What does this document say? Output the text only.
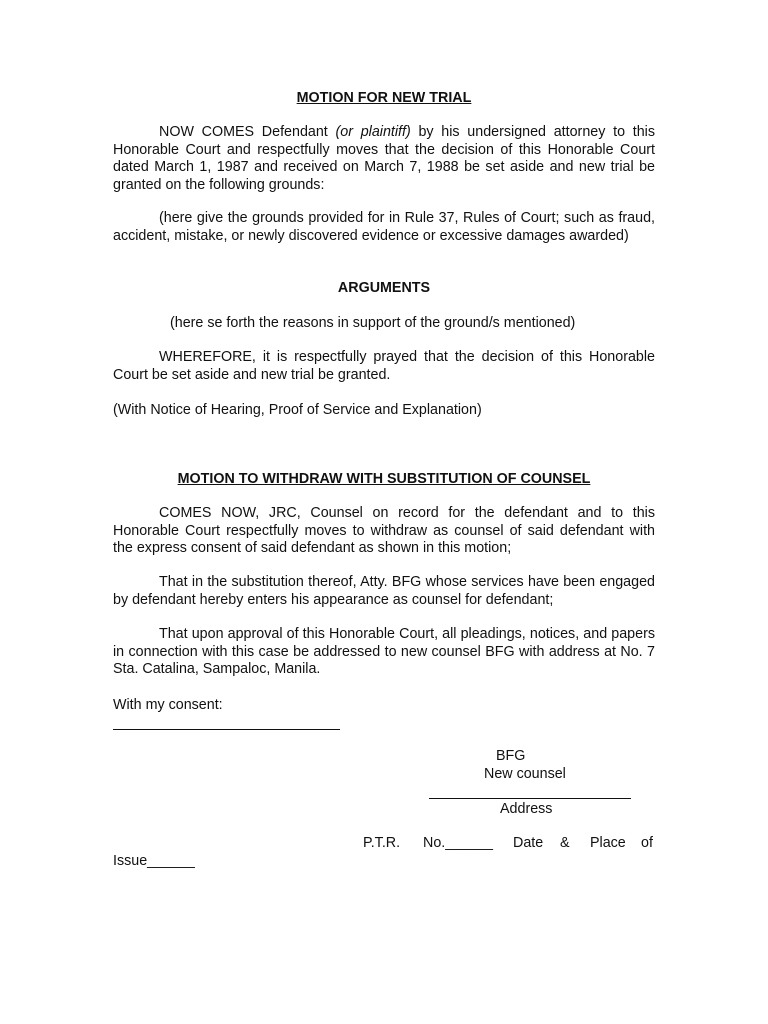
MOTION FOR NEW TRIAL

NOW COMES Defendant (or plaintiff) by his undersigned attorney to this Honorable Court and respectfully moves that the decision of this Honorable Court dated March 1, 1987 and received on March 7, 1988 be set aside and new trial be granted on the following grounds:

(here give the grounds provided for in Rule 37, Rules of Court; such as fraud, accident, mistake, or newly discovered evidence or excessive damages awarded)

ARGUMENTS

(here se forth the reasons in support of the ground/s mentioned)

WHEREFORE, it is respectfully prayed that the decision of this Honorable Court be set aside and new trial be granted.

(With Notice of Hearing, Proof of Service and Explanation)

MOTION TO WITHDRAW WITH SUBSTITUTION OF COUNSEL

COMES NOW, JRC, Counsel on record for the defendant and to this Honorable Court respectfully moves to withdraw as counsel of said defendant with the express consent of said defendant as shown in this motion;

That in the substitution thereof, Atty. BFG whose services have been engaged by defendant hereby enters his appearance as counsel for defendant;

That upon approval of this Honorable Court, all pleadings, notices, and papers in connection with this case be addressed to new counsel BFG with address at No. 7 Sta. Catalina, Sampaloc, Manila.

With my consent:
BFG
New counsel
Address
P.T.R. No.______ Date & Place of
Issue______
